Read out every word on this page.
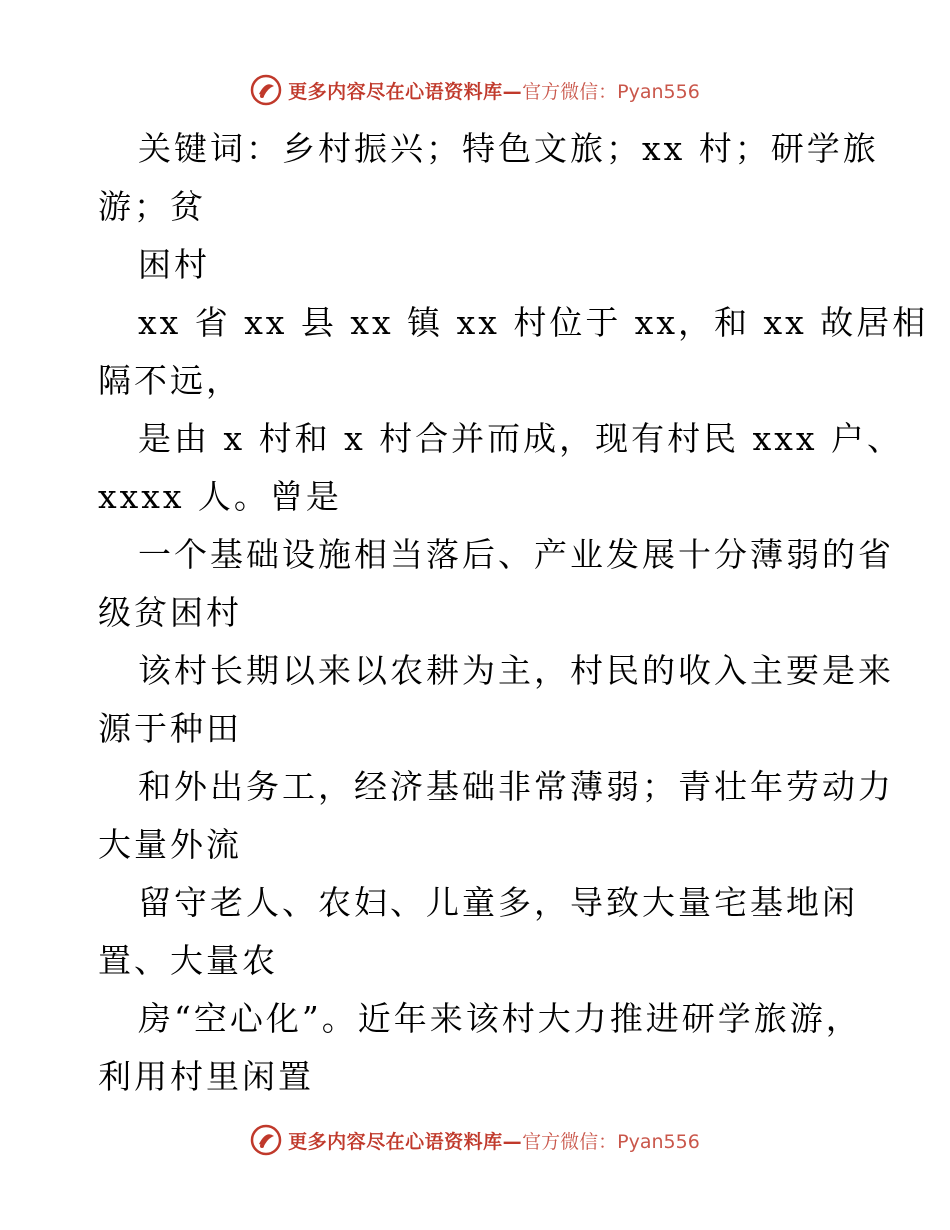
更多内容尽在心语资料库— 官方微信：Pyan556
关键词：乡村振兴；特色文旅；xx 村；研学旅
游；贫
困村
xx 省 xx 县 xx 镇 xx 村位于 xx，和 xx 故居相
隔不远，
是由 x 村和 x 村合并而成，现有村民 xxx 户、
xxxx 人。曾是
一个基础设施相当落后、产业发展十分薄弱的省
级贫困村
该村长期以来以农耕为主，村民的收入主要是来
源于种田
和外出务工，经济基础非常薄弱；青壮年劳动力
大量外流
留守老人、农妇、儿童多，导致大量宅基地闲
置、大量农
房“空心化”。近年来该村大力推进研学旅游，
利用村里闲置
更多内容尽在心语资料库— 官方微信：Pyan556
